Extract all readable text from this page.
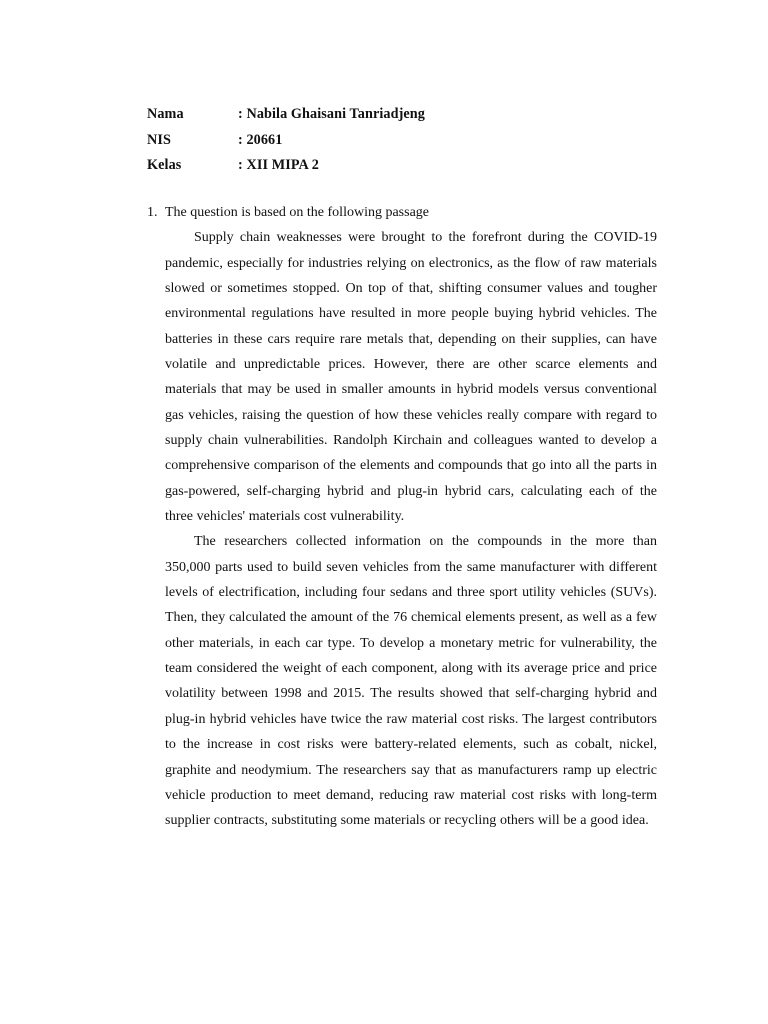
Nama	: Nabila Ghaisani Tanriadjeng
NIS	: 20661
Kelas	: XII MIPA 2
1. The question is based on the following passage

Supply chain weaknesses were brought to the forefront during the COVID-19 pandemic, especially for industries relying on electronics, as the flow of raw materials slowed or sometimes stopped. On top of that, shifting consumer values and tougher environmental regulations have resulted in more people buying hybrid vehicles. The batteries in these cars require rare metals that, depending on their supplies, can have volatile and unpredictable prices. However, there are other scarce elements and materials that may be used in smaller amounts in hybrid models versus conventional gas vehicles, raising the question of how these vehicles really compare with regard to supply chain vulnerabilities. Randolph Kirchain and colleagues wanted to develop a comprehensive comparison of the elements and compounds that go into all the parts in gas-powered, self-charging hybrid and plug-in hybrid cars, calculating each of the three vehicles' materials cost vulnerability.

The researchers collected information on the compounds in the more than 350,000 parts used to build seven vehicles from the same manufacturer with different levels of electrification, including four sedans and three sport utility vehicles (SUVs). Then, they calculated the amount of the 76 chemical elements present, as well as a few other materials, in each car type. To develop a monetary metric for vulnerability, the team considered the weight of each component, along with its average price and price volatility between 1998 and 2015. The results showed that self-charging hybrid and plug-in hybrid vehicles have twice the raw material cost risks. The largest contributors to the increase in cost risks were battery-related elements, such as cobalt, nickel, graphite and neodymium. The researchers say that as manufacturers ramp up electric vehicle production to meet demand, reducing raw material cost risks with long-term supplier contracts, substituting some materials or recycling others will be a good idea.
